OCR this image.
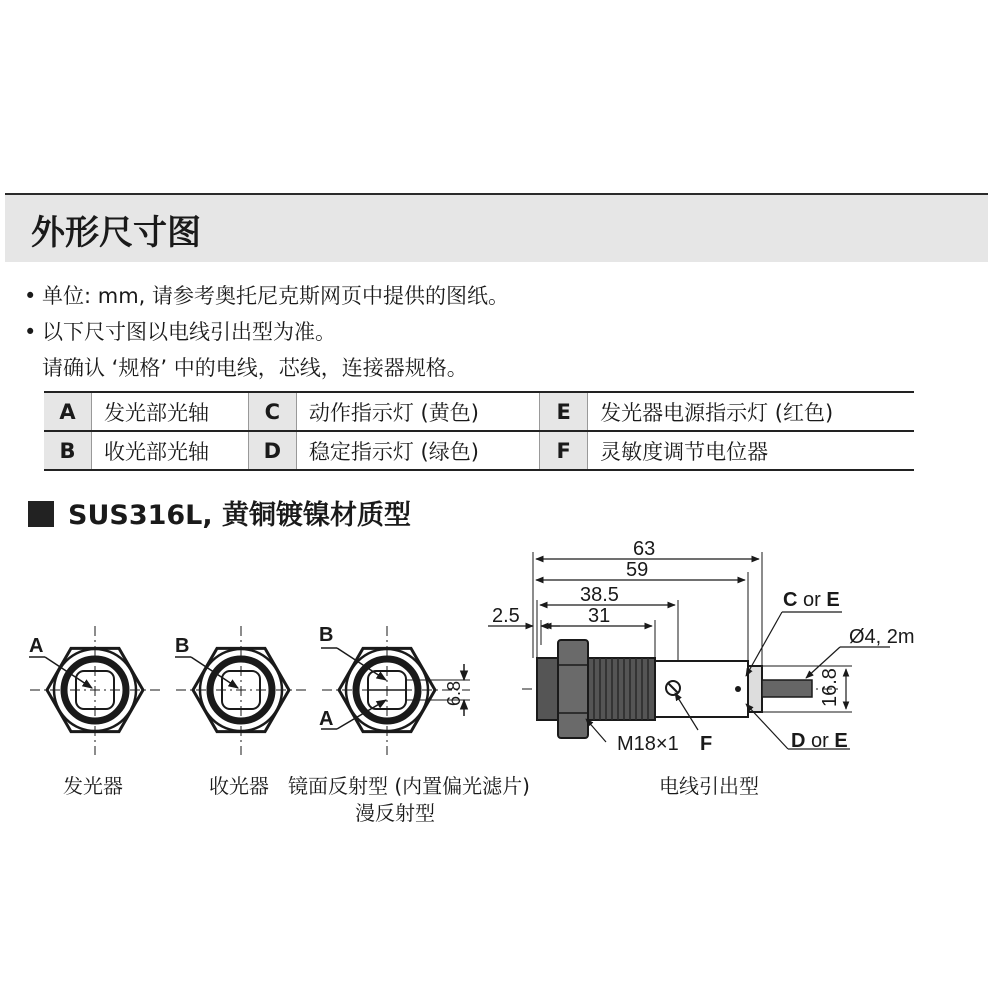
外形尺寸图
• 单位: mm, 请参考奥托尼克斯网页中提供的图纸。
• 以下尺寸图以电线引出型为准。
请确认 ‘规格’ 中的电线，芯线，连接器规格。
A	发光部光轴	C	动作指示灯 (黄色)	E	发光器电源指示灯 (红色)
B	收光部光轴	D	稳定指示灯 (绿色)	F	灵敏度调节电位器
SUS316L, 黄铜镀镍材质型
A	B	B
A
6.8
63
59
38.5
31
2.5
Ø4, 2m
16.8
M18×1 F
C or E
D or E
发光器	收光器 镜面反射型 (内置偏光滤片)
漫反射型
电线引出型
